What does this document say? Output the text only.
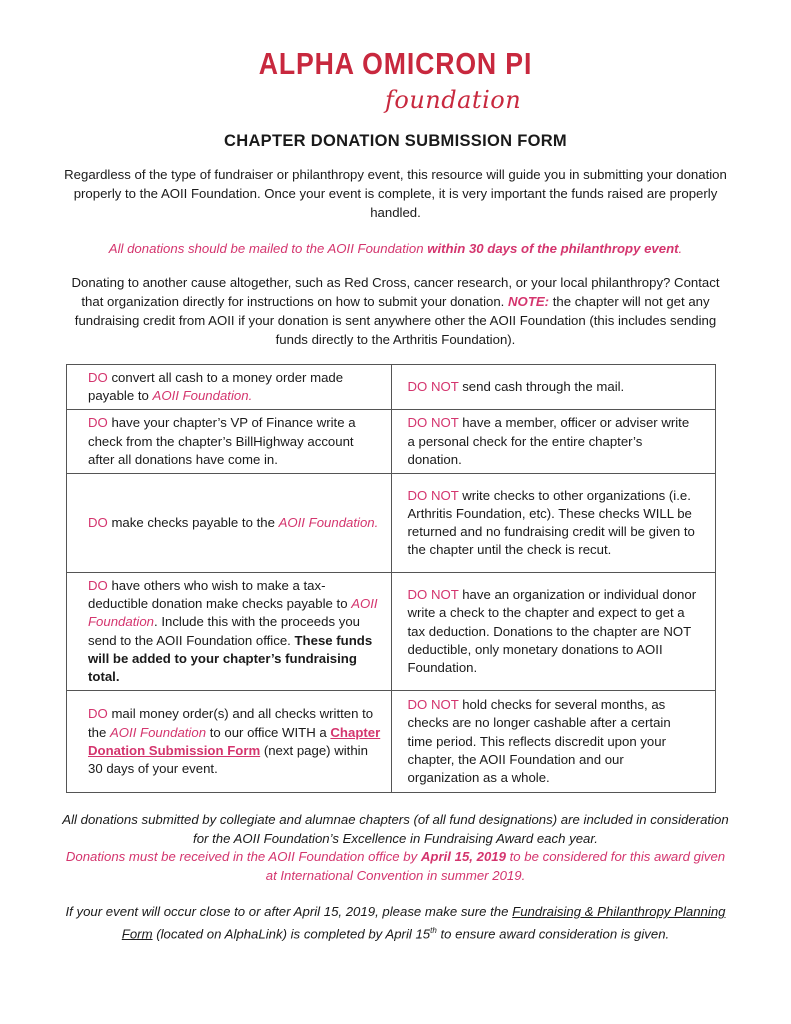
ALPHA OMICRON PI
foundation
CHAPTER DONATION SUBMISSION FORM
Regardless of the type of fundraiser or philanthropy event, this resource will guide you in submitting your donation properly to the AOII Foundation. Once your event is complete, it is very important the funds raised are properly handled.
All donations should be mailed to the AOII Foundation within 30 days of the philanthropy event.
Donating to another cause altogether, such as Red Cross, cancer research, or your local philanthropy? Contact that organization directly for instructions on how to submit your donation. NOTE: the chapter will not get any fundraising credit from AOII if your donation is sent anywhere other the AOII Foundation (this includes sending funds directly to the Arthritis Foundation).
DO convert all cash to a money order made payable to AOII Foundation.	DO NOT send cash through the mail.
DO have your chapter’s VP of Finance write a check from the chapter’s BillHighway account after all donations have come in.	DO NOT have a member, officer or adviser write a personal check for the entire chapter’s donation.
DO make checks payable to the AOII Foundation.	DO NOT write checks to other organizations (i.e. Arthritis Foundation, etc). These checks WILL be returned and no fundraising credit will be given to the chapter until the check is recut.
DO have others who wish to make a tax-deductible donation make checks payable to AOII Foundation. Include this with the proceeds you send to the AOII Foundation office. These funds will be added to your chapter’s fundraising total.	DO NOT have an organization or individual donor write a check to the chapter and expect to get a tax deduction. Donations to the chapter are NOT deductible, only monetary donations to AOII Foundation.
DO mail money order(s) and all checks written to the AOII Foundation to our office WITH a Chapter Donation Submission Form (next page) within 30 days of your event.	DO NOT hold checks for several months, as checks are no longer cashable after a certain time period. This reflects discredit upon your chapter, the AOII Foundation and our organization as a whole.
All donations submitted by collegiate and alumnae chapters (of all fund designations) are included in consideration for the AOII Foundation’s Excellence in Fundraising Award each year.
Donations must be received in the AOII Foundation office by April 15, 2019 to be considered for this award given at International Convention in summer 2019.
If your event will occur close to or after April 15, 2019, please make sure the Fundraising & Philanthropy Planning Form (located on AlphaLink) is completed by April 15th to ensure award consideration is given.
